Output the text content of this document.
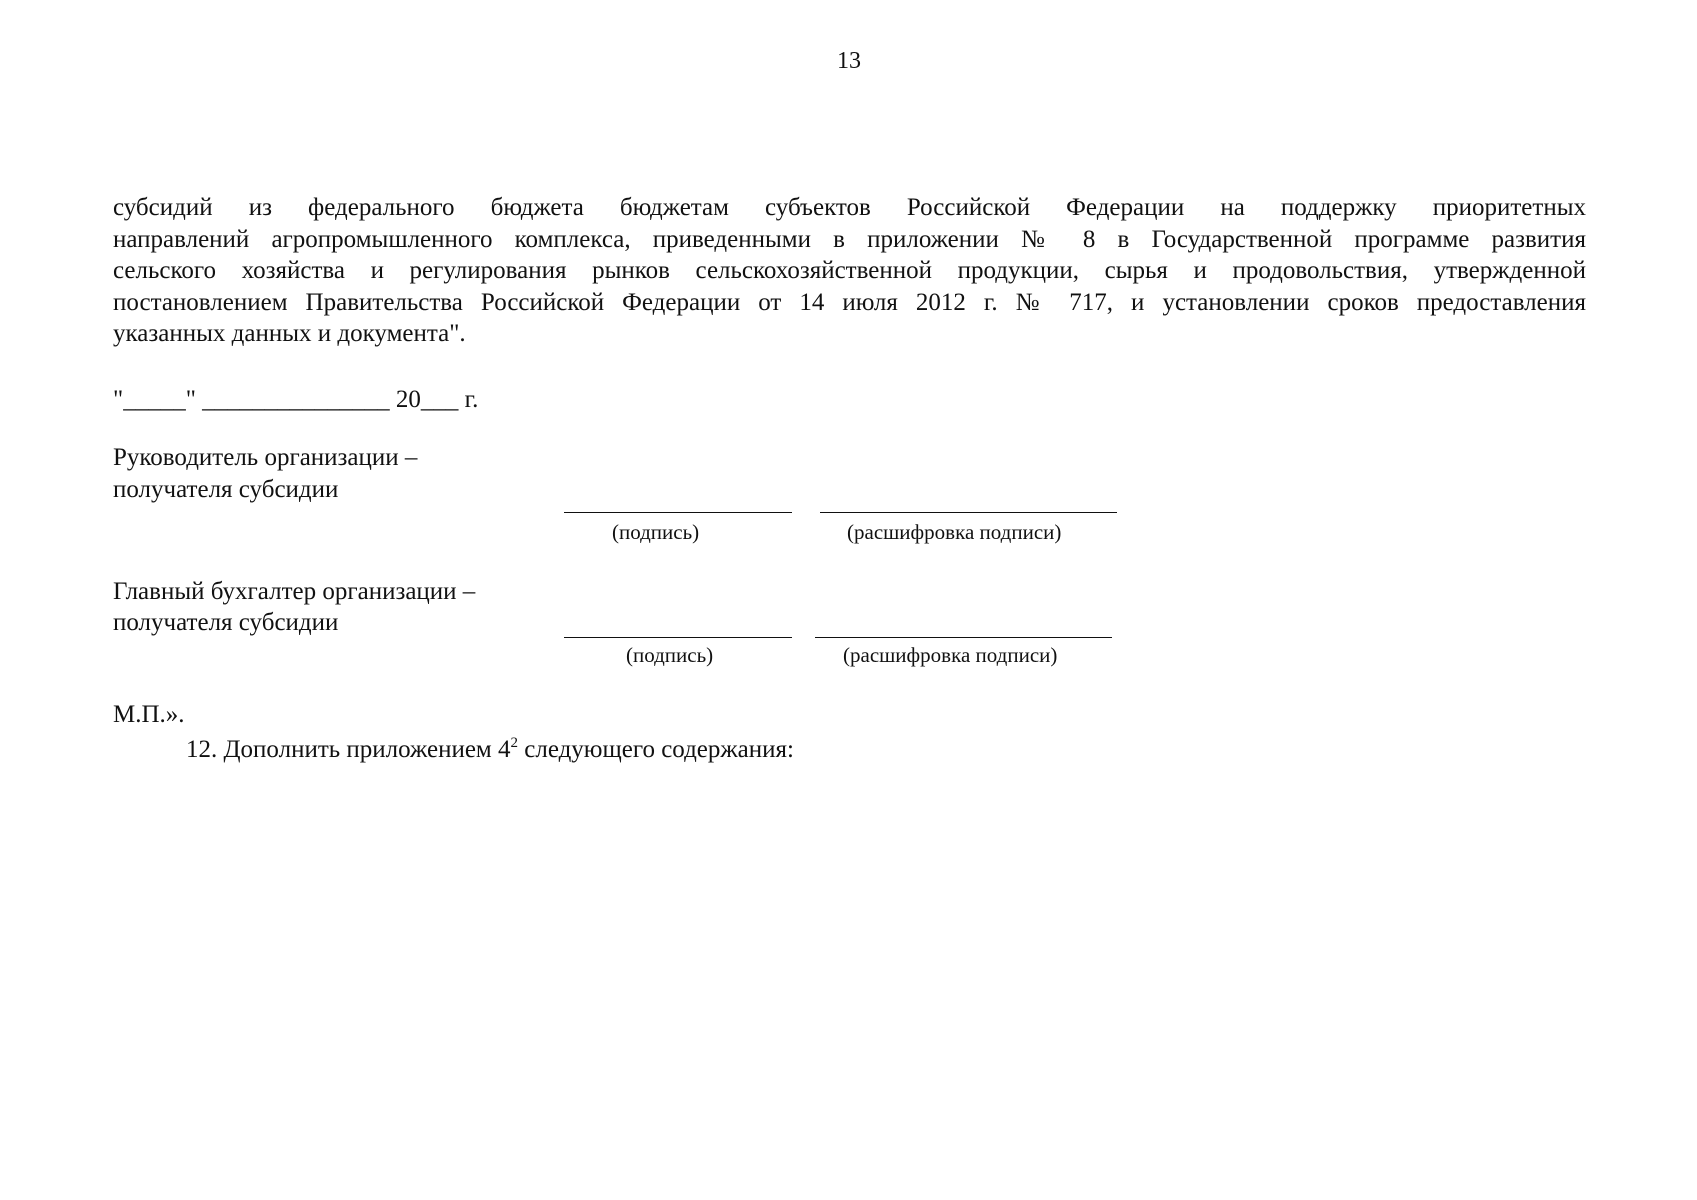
13
субсидий из федерального бюджета бюджетам субъектов Российской Федерации на поддержку приоритетных
направлений агропромышленного комплекса, приведенными в приложении № 8 в Государственной программе развития
сельского хозяйства и регулирования рынков сельскохозяйственной продукции, сырья и продовольствия, утвержденной
постановлением Правительства Российской Федерации от 14 июля 2012 г. № 717, и установлении сроков предоставления
указанных данных и документа".
"_____" _______________ 20___ г.
Руководитель организации –
получателя субсидии
(подпись)	(расшифровка подписи)
Главный бухгалтер организации –
получателя субсидии
(подпись)	(расшифровка подписи)
М.П.».
12. Дополнить приложением $4^2$ следующего содержания:
